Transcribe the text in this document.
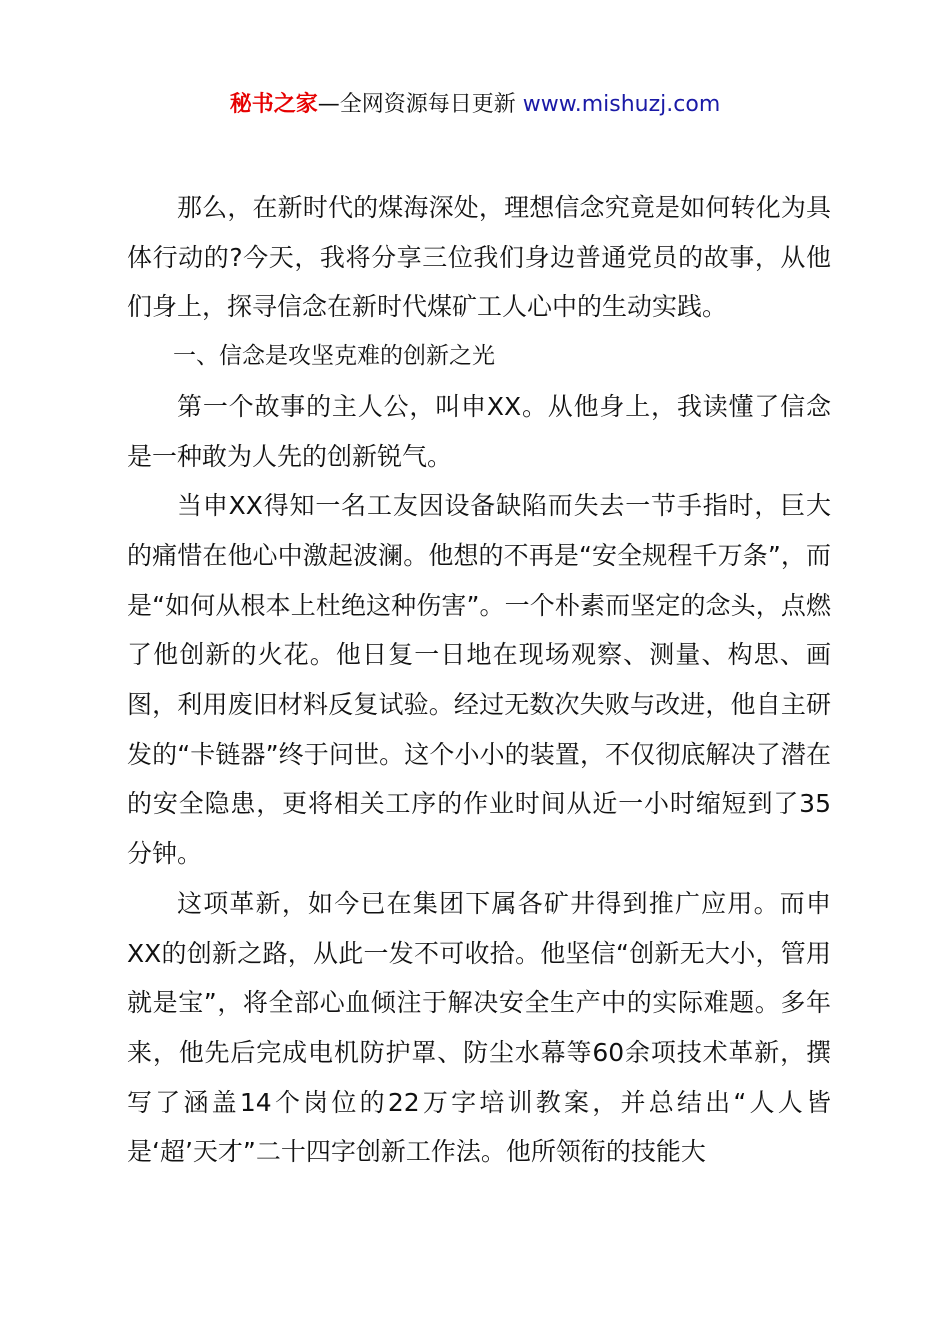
秘书之家—全网资源每日更新 www.mishuzj.com

那么，在新时代的煤海深处，理想信念究竟是如何转化为具体行动的?今天，我将分享三位我们身边普通党员的故事，从他们身上，探寻信念在新时代煤矿工人心中的生动实践。

一、信念是攻坚克难的创新之光

第一个故事的主人公，叫申XX。从他身上，我读懂了信念是一种敢为人先的创新锐气。

当申XX得知一名工友因设备缺陷而失去一节手指时，巨大的痛惜在他心中激起波澜。他想的不再是“安全规程千万条”，而是“如何从根本上杜绝这种伤害”。一个朴素而坚定的念头，点燃了他创新的火花。他日复一日地在现场观察、测量、构思、画图，利用废旧材料反复试验。经过无数次失败与改进，他自主研发的“卡链器”终于问世。这个小小的装置，不仅彻底解决了潜在的安全隐患，更将相关工序的作业时间从近一小时缩短到了35分钟。

这项革新，如今已在集团下属各矿井得到推广应用。而申XX的创新之路，从此一发不可收拾。他坚信“创新无大小，管用就是宝”，将全部心血倾注于解决安全生产中的实际难题。多年来，他先后完成电机防护罩、防尘水幕等60余项技术革新，撰写了涵盖14个岗位的22万字培训教案，并总结出“人人皆是‘超’天才”二十四字创新工作法。他所领衔的技能大
